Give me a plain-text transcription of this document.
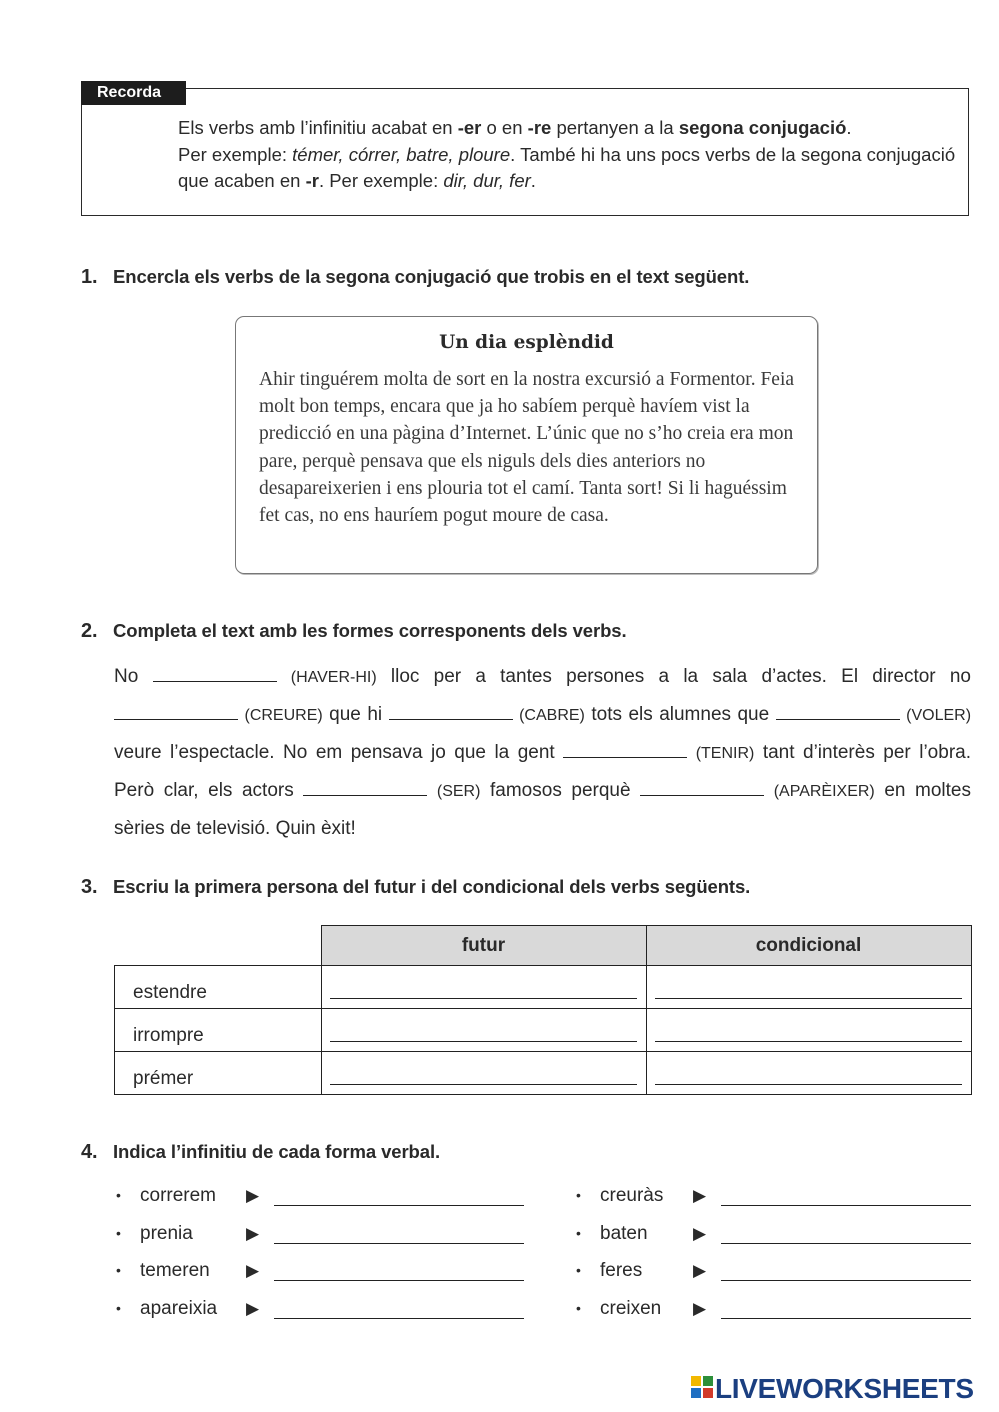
Recorda
Els verbs amb l’infinitiu acabat en -er o en -re pertanyen a la segona conjugació.
Per exemple: témer, córrer, batre, ploure. També hi ha uns pocs verbs de la segona conjugació que acaben en -r. Per exemple: dir, dur, fer.
1. Encercla els verbs de la segona conjugació que trobis en el text següent.
Un dia esplèndid
Ahir tinguérem molta de sort en la nostra excursió a Formentor. Feia molt bon temps, encara que ja ho sabíem perquè havíem vist la predicció en una pàgina d’Internet. L’únic que no s’ho creia era mon pare, perquè pensava que els niguls dels dies anteriors no desapareixerien i ens plouria tot el camí. Tanta sort! Si li haguéssim fet cas, no ens hauríem pogut moure de casa.
2. Completa el text amb les formes corresponents dels verbs.
No	(HAVER-HI) lloc per a tantes persones a la sala d’actes. El director no  (CREURE) que hi	(CABRE) tots els alumnes que	(VOLER) veure l’espectacle. No em pensava jo que la gent	(TENIR) tant d’interès per l’obra. Però clar, els actors	(SER) famosos perquè	(APARÈIXER) en moltes sèries de televisió. Quin èxit!
3. Escriu la primera persona del futur i del condicional dels verbs següents.
	futur	condicional
estendre	

irrompre	

prémer	

4. Indica l’infinitiu de cada forma verbal.
• correrem ▶
• prenia	▶
• temeren ▶
• apareixia ▶
• creuràs ▶
• baten	▶
• feres	▶
• creixen ▶
LIVEWORKSHEETS
